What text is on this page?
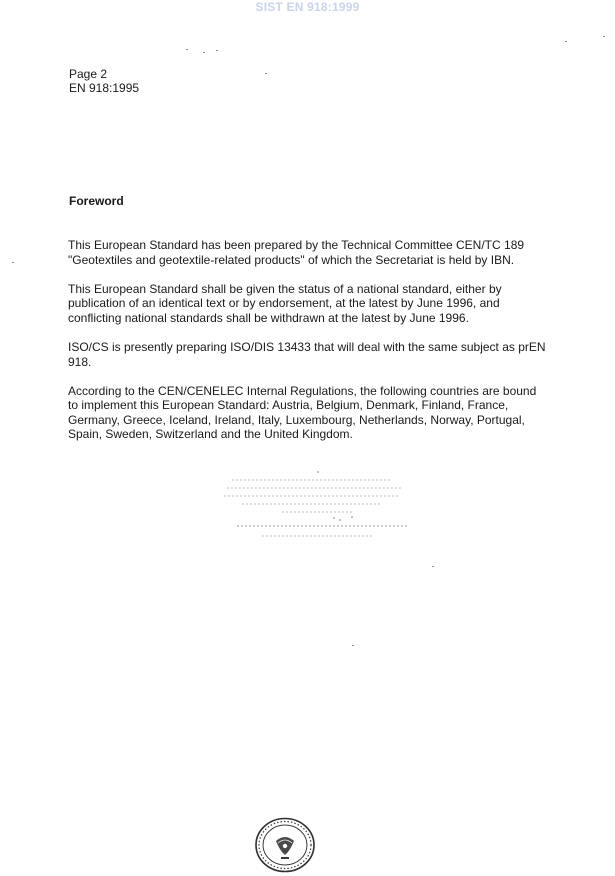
SIST EN 918:1999
Page 2
EN 918:1995
Foreword

This European Standard has been prepared by the Technical Committee CEN/TC 189 "Geotextiles and geotextile-related products" of which the Secretariat is held by IBN.

This European Standard shall be given the status of a national standard, either by publication of an identical text or by endorsement, at the latest by June 1996, and conflicting national standards shall be withdrawn at the latest by June 1996.

ISO/CS is presently preparing ISO/DIS 13433 that will deal with the same subject as prEN 918.

According to the CEN/CENELEC Internal Regulations, the following countries are bound to implement this European Standard: Austria, Belgium, Denmark, Finland, France, Germany, Greece, Iceland, Ireland, Italy, Luxembourg, Netherlands, Norway, Portugal, Spain, Sweden, Switzerland and the United Kingdom.
